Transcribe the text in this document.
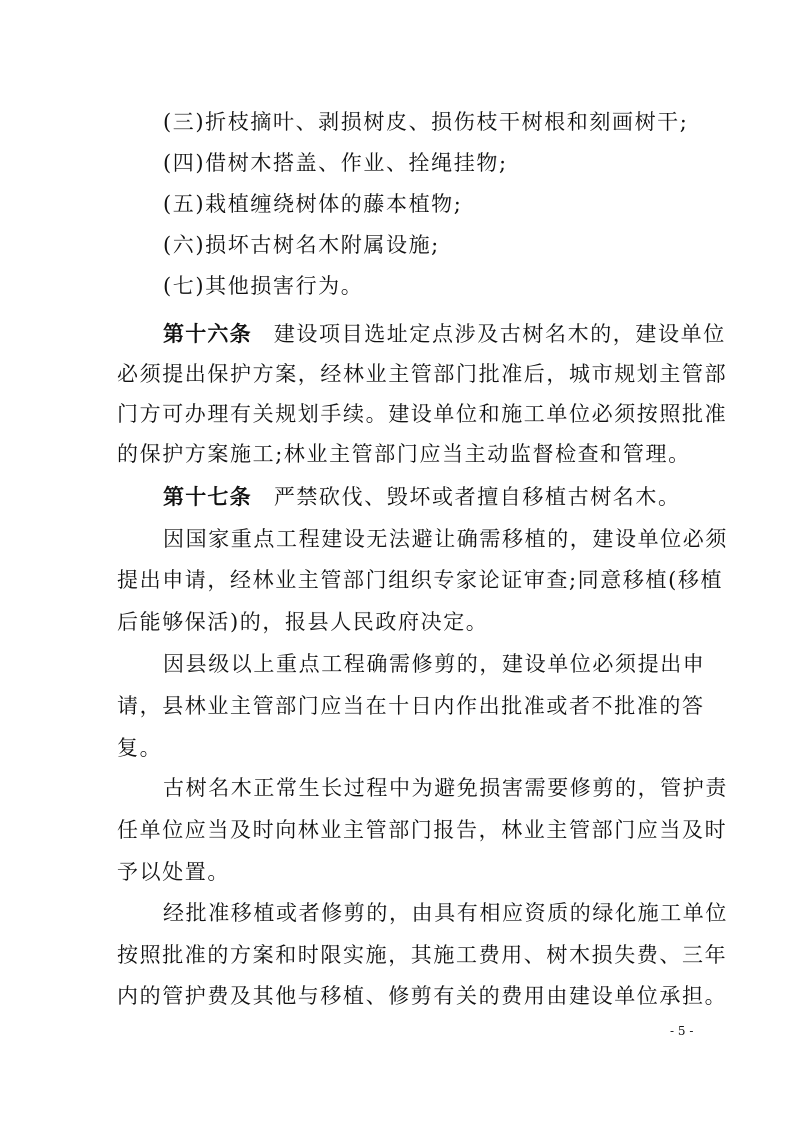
(三)折枝摘叶、剥损树皮、损伤枝干树根和刻画树干;
(四)借树木搭盖、作业、拴绳挂物;
(五)栽植缠绕树体的藤本植物;
(六)损坏古树名木附属设施;
(七)其他损害行为。
第十六条 建设项目选址定点涉及古树名木的，建设单位
必须提出保护方案，经林业主管部门批准后，城市规划主管部
门方可办理有关规划手续。建设单位和施工单位必须按照批准
的保护方案施工;林业主管部门应当主动监督检查和管理。
第十七条 严禁砍伐、毁坏或者擅自移植古树名木。
因国家重点工程建设无法避让确需移植的，建设单位必须
提出申请，经林业主管部门组织专家论证审查;同意移植(移植
后能够保活)的，报县人民政府决定。
因县级以上重点工程确需修剪的，建设单位必须提出申
请，县林业主管部门应当在十日内作出批准或者不批准的答
复。
古树名木正常生长过程中为避免损害需要修剪的，管护责
任单位应当及时向林业主管部门报告，林业主管部门应当及时
予以处置。
经批准移植或者修剪的，由具有相应资质的绿化施工单位
按照批准的方案和时限实施，其施工费用、树木损失费、三年
内的管护费及其他与移植、修剪有关的费用由建设单位承担。
- 5 -
